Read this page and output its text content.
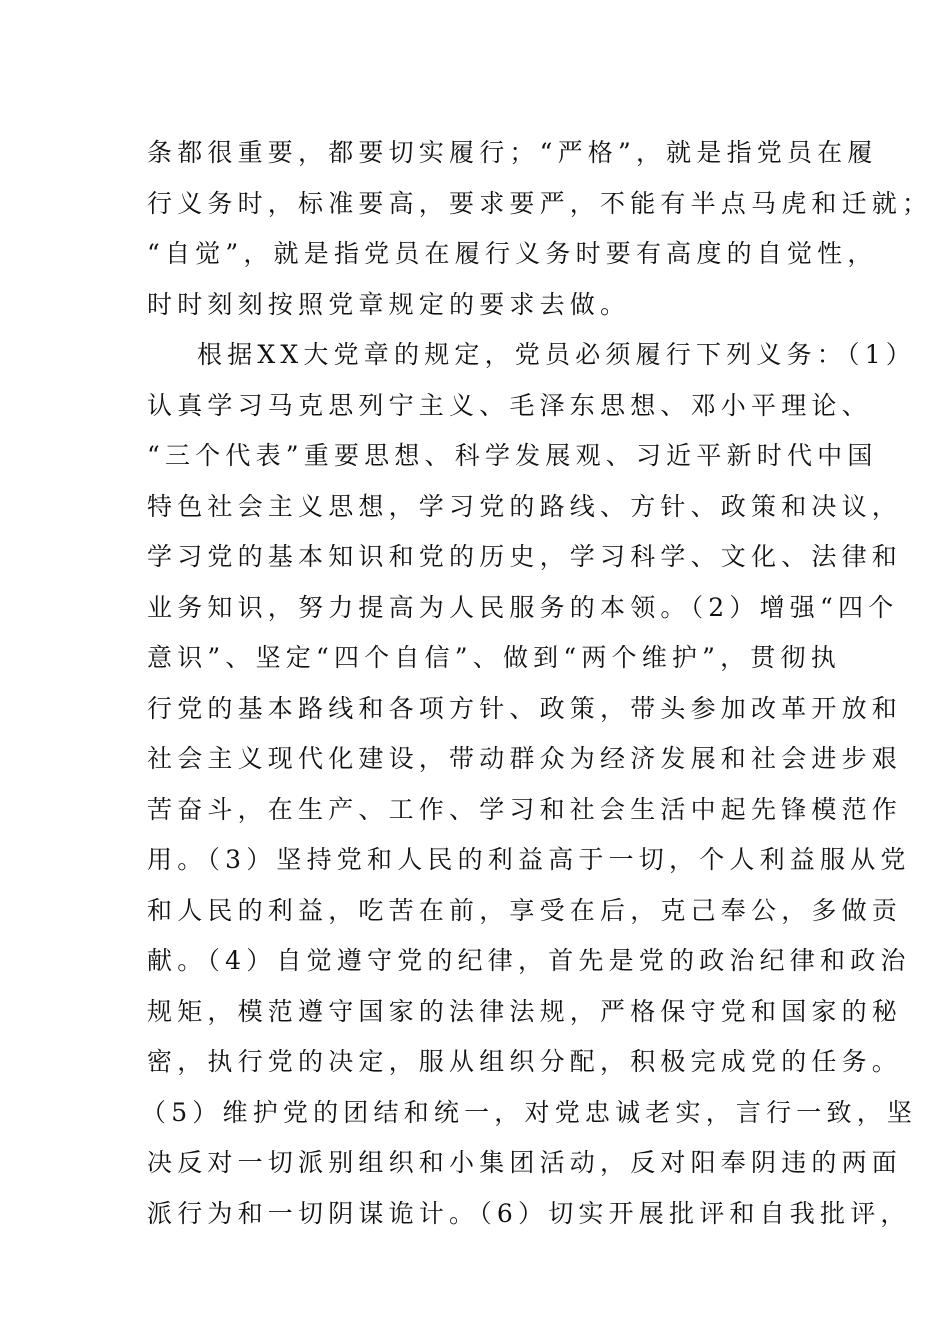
条都很重要，都要切实履行；“严格”，就是指党员在履
行义务时，标准要高，要求要严，不能有半点马虎和迁就；
“自觉”，就是指党员在履行义务时要有高度的自觉性，
时时刻刻按照党章规定的要求去做。
根据XX大党章的规定，党员必须履行下列义务：（1）
认真学习马克思列宁主义、毛泽东思想、邓小平理论、
“三个代表”重要思想、科学发展观、习近平新时代中国
特色社会主义思想，学习党的路线、方针、政策和决议，
学习党的基本知识和党的历史，学习科学、文化、法律和
业务知识，努力提高为人民服务的本领。（2）增强“四个
意识”、坚定“四个自信”、做到“两个维护”，贯彻执
行党的基本路线和各项方针、政策，带头参加改革开放和
社会主义现代化建设，带动群众为经济发展和社会进步艰
苦奋斗，在生产、工作、学习和社会生活中起先锋模范作
用。（3）坚持党和人民的利益高于一切，个人利益服从党
和人民的利益，吃苦在前，享受在后，克己奉公，多做贡
献。（4）自觉遵守党的纪律，首先是党的政治纪律和政治
规矩，模范遵守国家的法律法规，严格保守党和国家的秘
密，执行党的决定，服从组织分配，积极完成党的任务。
（5）维护党的团结和统一，对党忠诚老实，言行一致，坚
决反对一切派别组织和小集团活动，反对阳奉阴违的两面
派行为和一切阴谋诡计。（6）切实开展批评和自我批评，
